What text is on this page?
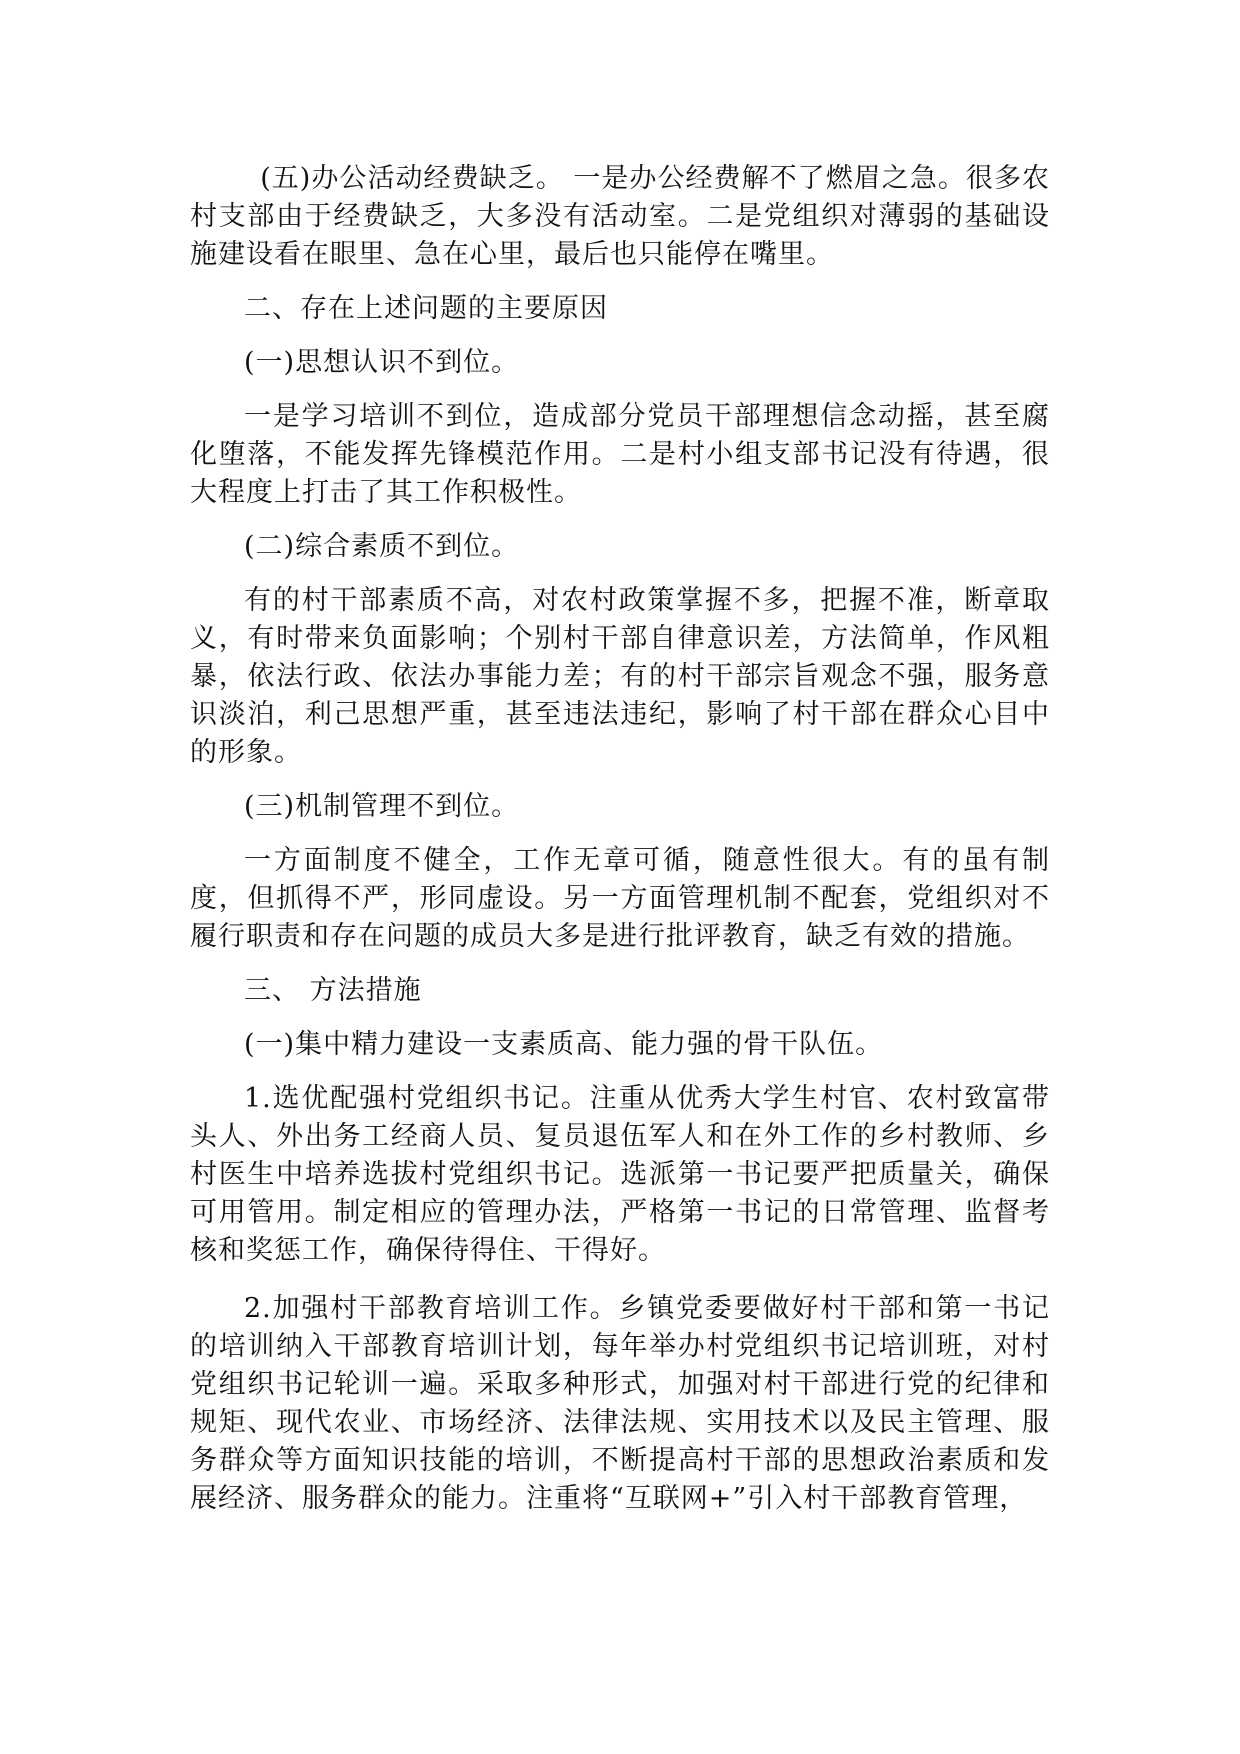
(五)办公活动经费缺乏。 一是办公经费解不了燃眉之急。很多农村支部由于经费缺乏，大多没有活动室。二是党组织对薄弱的基础设施建设看在眼里、急在心里，最后也只能停在嘴里。

二、存在上述问题的主要原因

(一)思想认识不到位。

一是学习培训不到位，造成部分党员干部理想信念动摇，甚至腐化堕落，不能发挥先锋模范作用。二是村小组支部书记没有待遇，很大程度上打击了其工作积极性。

(二)综合素质不到位。

有的村干部素质不高，对农村政策掌握不多，把握不准，断章取义，有时带来负面影响；个别村干部自律意识差，方法简单，作风粗暴，依法行政、依法办事能力差；有的村干部宗旨观念不强，服务意识淡泊，利己思想严重，甚至违法违纪，影响了村干部在群众心目中的形象。

(三)机制管理不到位。

一方面制度不健全，工作无章可循，随意性很大。有的虽有制度，但抓得不严，形同虚设。另一方面管理机制不配套，党组织对不履行职责和存在问题的成员大多是进行批评教育，缺乏有效的措施。

三、 方法措施

(一)集中精力建设一支素质高、能力强的骨干队伍。

1.选优配强村党组织书记。注重从优秀大学生村官、农村致富带头人、外出务工经商人员、复员退伍军人和在外工作的乡村教师、乡村医生中培养选拔村党组织书记。选派第一书记要严把质量关，确保可用管用。制定相应的管理办法，严格第一书记的日常管理、监督考核和奖惩工作，确保待得住、干得好。

2.加强村干部教育培训工作。乡镇党委要做好村干部和第一书记的培训纳入干部教育培训计划，每年举办村党组织书记培训班，对村党组织书记轮训一遍。采取多种形式，加强对村干部进行党的纪律和规矩、现代农业、市场经济、法律法规、实用技术以及民主管理、服务群众等方面知识技能的培训，不断提高村干部的思想政治素质和发展经济、服务群众的能力。注重将“互联网+”引入村干部教育管理，
